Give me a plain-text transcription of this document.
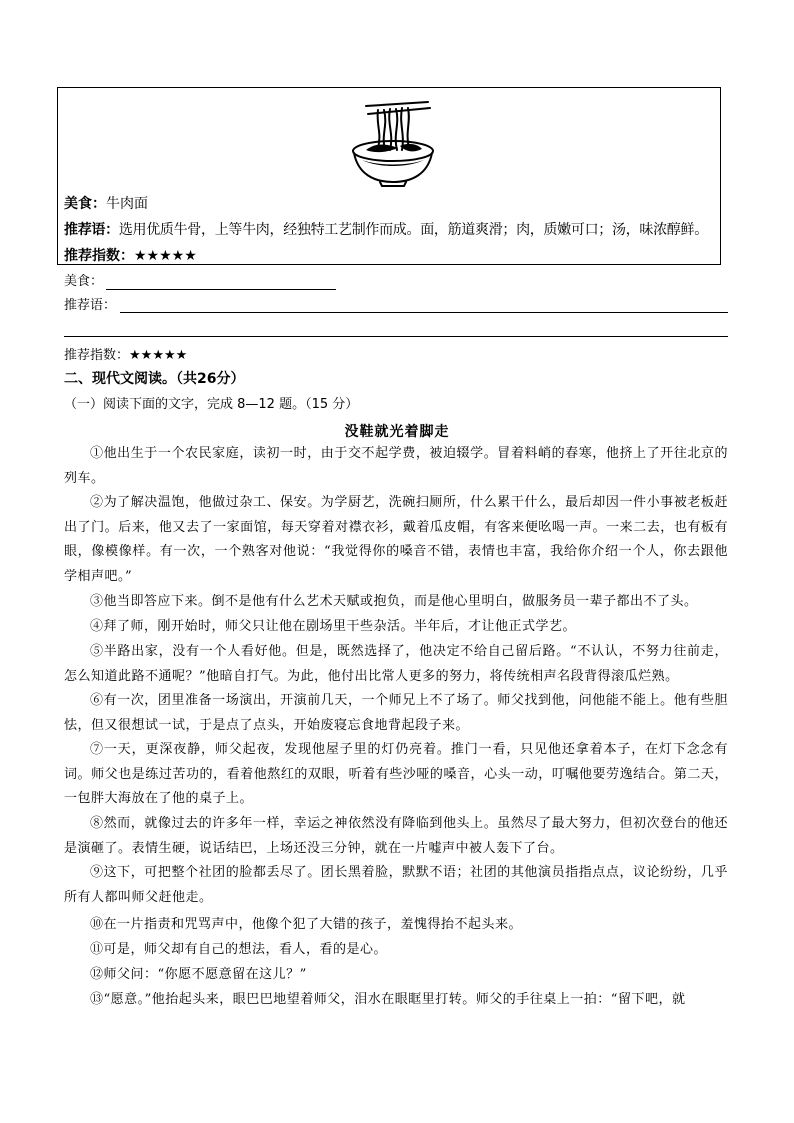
美食：牛肉面
推荐语：选用优质牛骨，上等牛肉，经独特工艺制作而成。面，筋道爽滑；肉，质嫩可口；汤，味浓醇鲜。
推荐指数：★★★★★
美食：
推荐语：
推荐指数：★★★★★
二、现代文阅读。（共26分）
（一）阅读下面的文字，完成 8—12 题。（15 分）
没鞋就光着脚走

①他出生于一个农民家庭，读初一时，由于交不起学费，被迫辍学。冒着料峭的春寒，他挤上了开往北京的列车。

②为了解决温饱，他做过杂工、保安。为学厨艺，洗碗扫厕所，什么累干什么，最后却因一件小事被老板赶出了门。后来，他又去了一家面馆，每天穿着对襟衣衫，戴着瓜皮帽，有客来便吆喝一声。一来二去，也有板有眼，像模像样。有一次，一个熟客对他说：“我觉得你的嗓音不错，表情也丰富，我给你介绍一个人，你去跟他学相声吧。”

③他当即答应下来。倒不是他有什么艺术天赋或抱负，而是他心里明白，做服务员一辈子都出不了头。

④拜了师，刚开始时，师父只让他在剧场里干些杂活。半年后，才让他正式学艺。

⑤半路出家，没有一个人看好他。但是，既然选择了，他决定不给自己留后路。“不认认，不努力往前走，怎么知道此路不通呢？”他暗自打气。为此，他付出比常人更多的努力，将传统相声名段背得滚瓜烂熟。

⑥有一次，团里准备一场演出，开演前几天，一个师兄上不了场了。师父找到他，问他能不能上。他有些胆怯，但又很想试一试，于是点了点头，开始废寝忘食地背起段子来。

⑦一天，更深夜静，师父起夜，发现他屋子里的灯仍亮着。推门一看，只见他还拿着本子，在灯下念念有词。师父也是练过苦功的，看着他熬红的双眼，听着有些沙哑的嗓音，心头一动，叮嘱他要劳逸结合。第二天，一包胖大海放在了他的桌子上。

⑧然而，就像过去的许多年一样，幸运之神依然没有降临到他头上。虽然尽了最大努力，但初次登台的他还是演砸了。表情生硬，说话结巴，上场还没三分钟，就在一片嘘声中被人轰下了台。

⑨这下，可把整个社团的脸都丢尽了。团长黑着脸，默默不语；社团的其他演员指指点点，议论纷纷，几乎所有人都叫师父赶他走。

⑩在一片指责和咒骂声中，他像个犯了大错的孩子，羞愧得抬不起头来。

⑪可是，师父却有自己的想法，看人，看的是心。

⑫师父问：“你愿不愿意留在这儿？”

⑬“愿意。”他抬起头来，眼巴巴地望着师父，泪水在眼眶里打转。师父的手往桌上一拍：“留下吧，就
